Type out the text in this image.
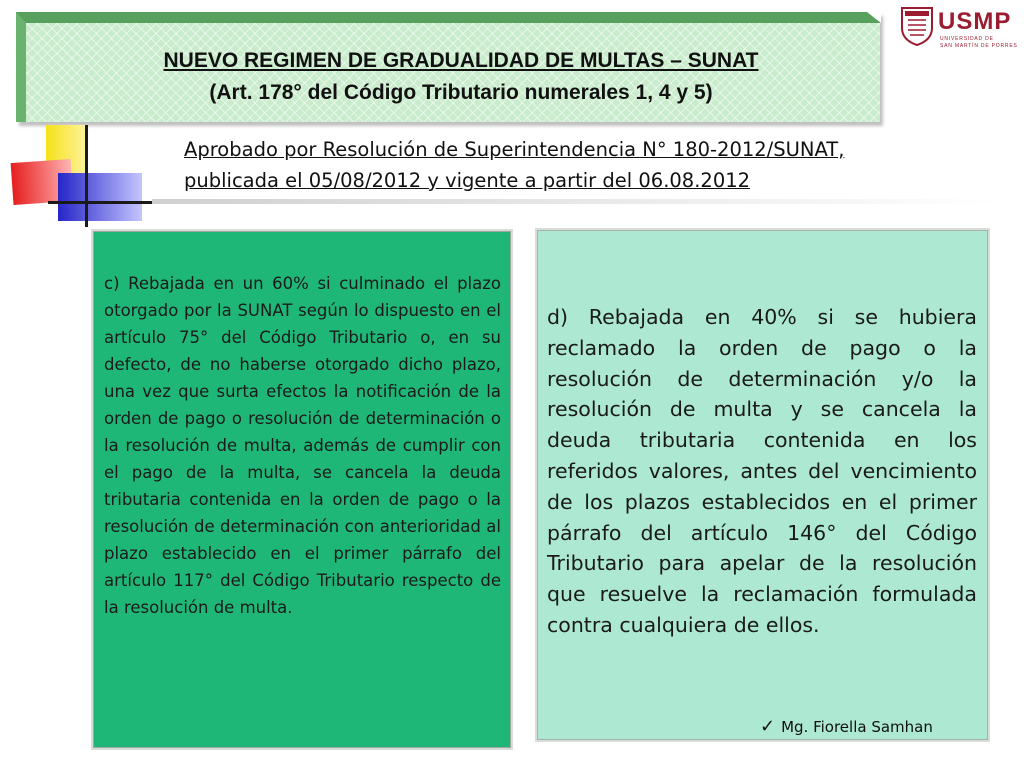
NUEVO REGIMEN DE GRADUALIDAD DE MULTAS – SUNAT
(Art. 178° del Código Tributario numerales 1, 4 y 5)
USMP
UNIVERSIDAD DE
SAN MARTÍN DE PORRES

Aprobado por Resolución de Superintendencia N° 180-2012/SUNAT,
publicada el 05/08/2012 y vigente a partir del 06.08.2012

c) Rebajada en un 60% si culminado el plazo otorgado por la SUNAT según lo dispuesto en el artículo 75° del Código Tributario o, en su defecto, de no haberse otorgado dicho plazo, una vez que surta efectos la notificación de la orden de pago o resolución de determinación o la resolución de multa, además de cumplir con el pago de la multa, se cancela la deuda tributaria contenida en la orden de pago o la resolución de determinación con anterioridad al plazo establecido en el primer párrafo del artículo 117° del Código Tributario respecto de la resolución de multa.

d) Rebajada en 40% si se hubiera reclamado la orden de pago o la resolución de determinación y/o la resolución de multa y se cancela la deuda tributaria contenida en los referidos valores, antes del vencimiento de los plazos establecidos en el primer párrafo del artículo 146° del Código Tributario para apelar de la resolución que resuelve la reclamación formulada contra cualquiera de ellos.

✓ Mg. Fiorella Samhan
